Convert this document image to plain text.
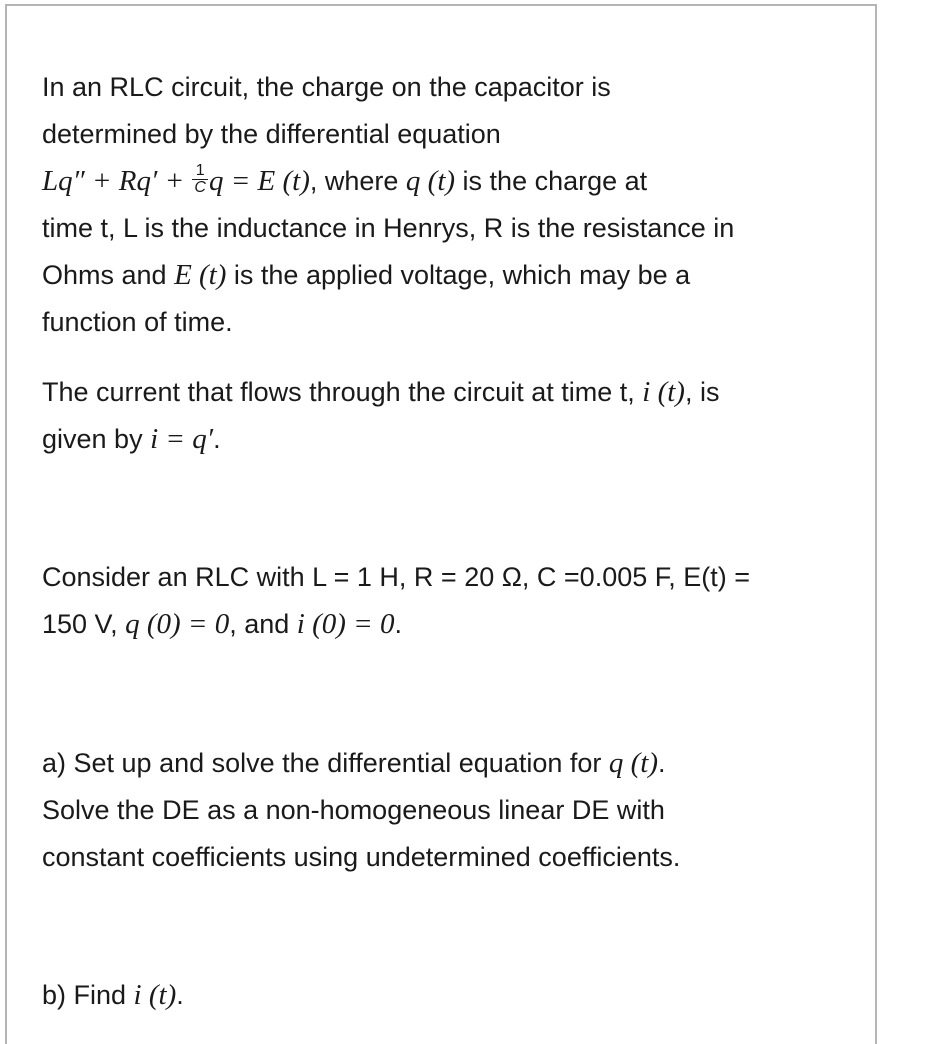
In an RLC circuit, the charge on the capacitor is
determined by the differential equation
$Lq'' + Rq' + \frac{1}{C}$ q = E (t), where q (t) is the charge at
time t, L is the inductance in Henrys, R is the resistance in
Ohms and E (t) is the applied voltage, which may be a
function of time.

The current that flows through the circuit at time t, i (t), is
given by i = q′.

Consider an RLC with L = 1 H, R = 20 Ω, C =0.005 F, E(t) =
150 V, q (0) = 0, and i (0) = 0.

a) Set up and solve the differential equation for q (t).
Solve the DE as a non-homogeneous linear DE with
constant coefficients using undetermined coefficients.

b) Find i (t).
